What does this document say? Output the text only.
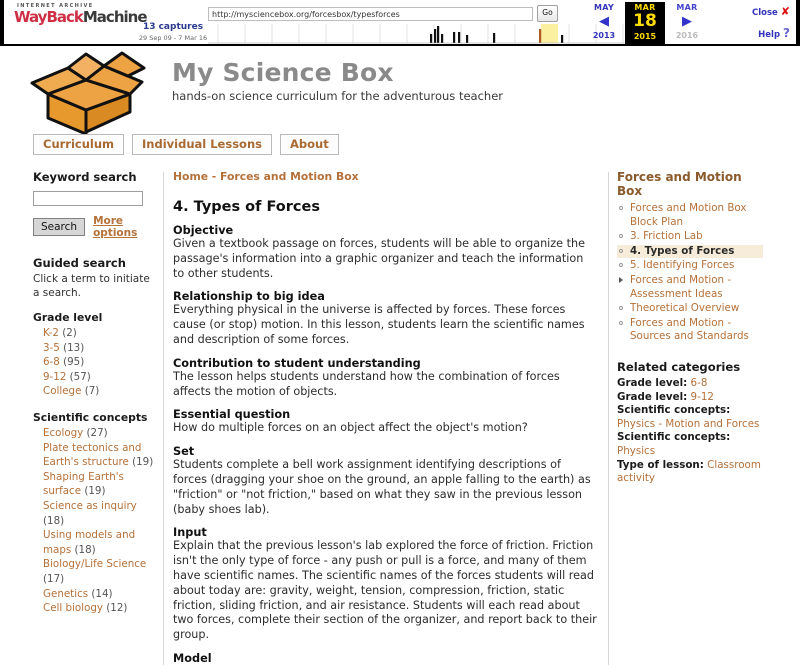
INTERNET ARCHIVE
WayBackMachine
13 captures
29 Sep 09 - 7 Mar 16
http://mysciencebox.org/forcesbox/typesforces	Go
MAY
◀
2013
MAR
18
2015
MAR
▶
2016
Close ✘
Help ?
My Science Box
hands-on science curriculum for the adventurous teacher
Curriculum	Individual Lessons	About
Keyword search
Search	More options
Guided search
Click a term to initiate a search.
Grade level
K-2 (2)
3-5 (13)
6-8 (95)
9-12 (57)
College (7)
Scientific concepts
Ecology (27)
Plate tectonics and Earth's structure (19)
Shaping Earth's surface (19)
Science as inquiry (18)
Using models and maps (18)
Biology/Life Science (17)
Genetics (14)
Cell biology (12)
Home - Forces and Motion Box
4. Types of Forces
Objective
Given a textbook passage on forces, students will be able to organize the passage's information into a graphic organizer and teach the information to other students.
Relationship to big idea
Everything physical in the universe is affected by forces. These forces cause (or stop) motion. In this lesson, students learn the scientific names and description of some forces.
Contribution to student understanding
The lesson helps students understand how the combination of forces affects the motion of objects.
Essential question
How do multiple forces on an object affect the object's motion?
Set
Students complete a bell work assignment identifying descriptions of forces (dragging your shoe on the ground, an apple falling to the earth) as "friction" or "not friction," based on what they saw in the previous lesson (baby shoes lab).
Input
Explain that the previous lesson's lab explored the force of friction. Friction isn't the only type of force - any push or pull is a force, and many of them have scientific names. The scientific names of the forces students will read about today are: gravity, weight, tension, compression, friction, static friction, sliding friction, and air resistance. Students will each read about two forces, complete their section of the organizer, and report back to their group.
Model
Forces and Motion Box
Forces and Motion Box Block Plan
3. Friction Lab
4. Types of Forces
5. Identifying Forces
Forces and Motion - Assessment Ideas
Theoretical Overview
Forces and Motion - Sources and Standards
Related categories
Grade level: 6-8
Grade level: 9-12
Scientific concepts: Physics - Motion and Forces
Scientific concepts: Physics
Type of lesson: Classroom activity
